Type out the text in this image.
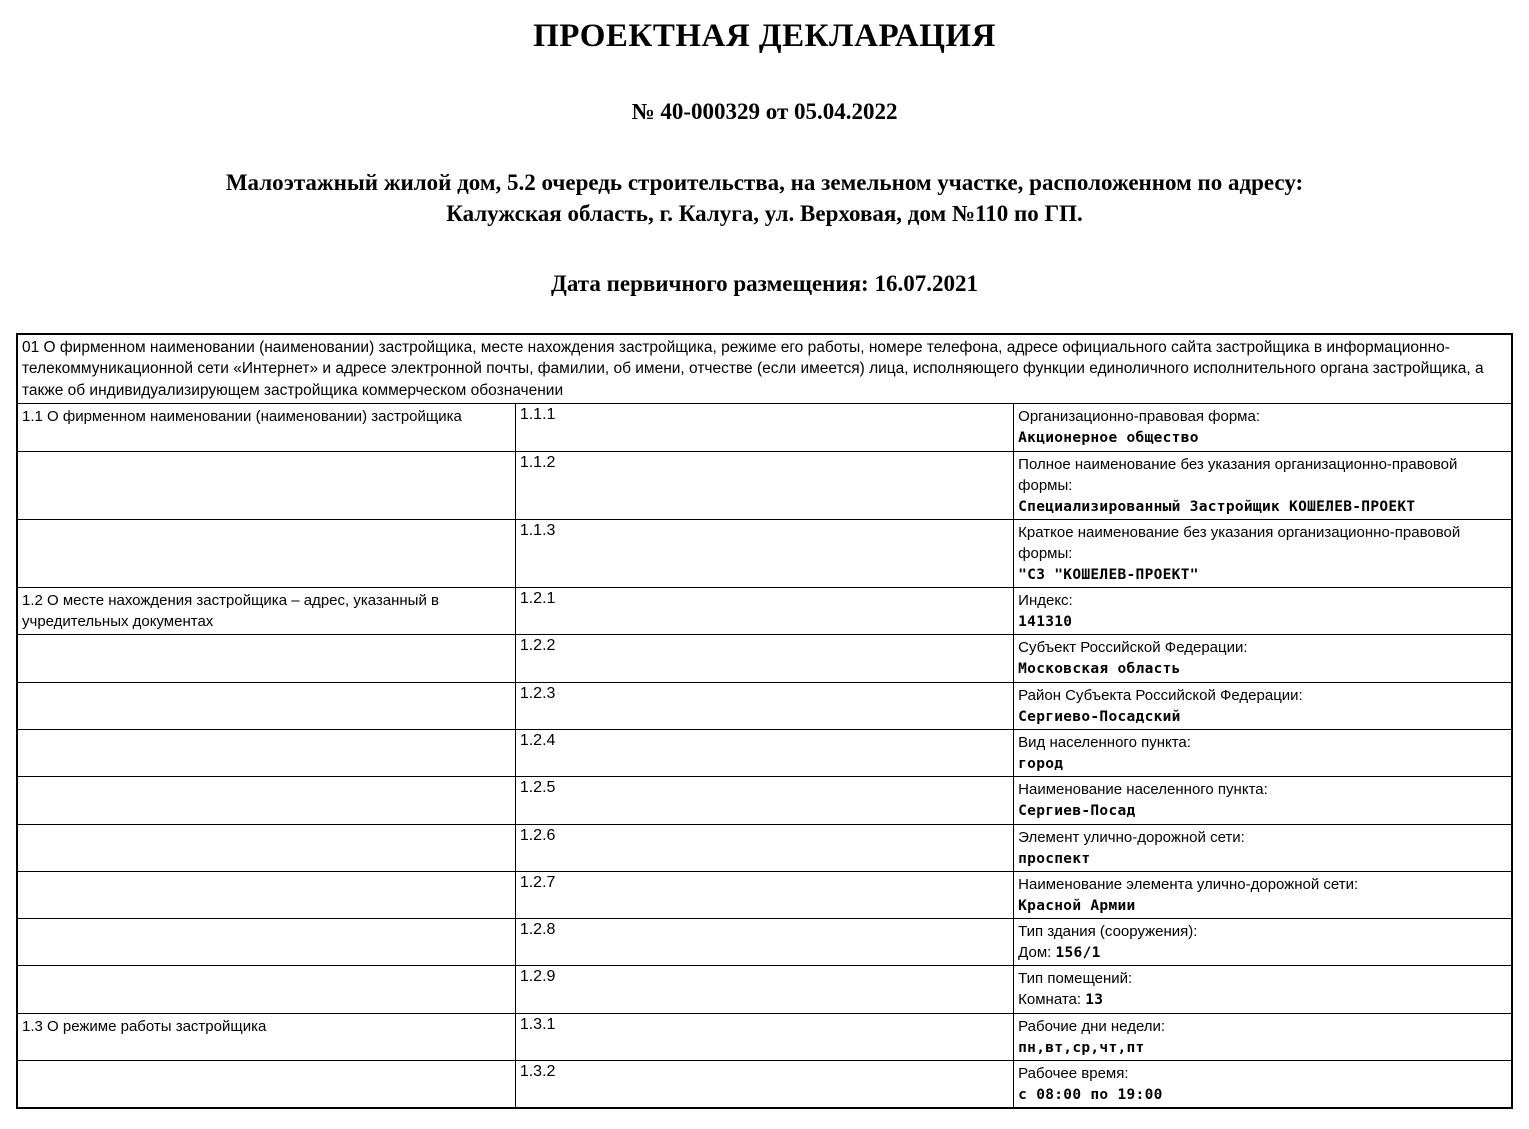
ПРОЕКТНАЯ ДЕКЛАРАЦИЯ

№ 40-000329 от 05.04.2022

Малоэтажный жилой дом, 5.2 очередь строительства, на земельном участке, расположенном по адресу:
Калужская область, г. Калуга, ул. Верховая, дом №110 по ГП.

Дата первичного размещения: 16.07.2021

01 О фирменном наименовании (наименовании) застройщика, месте нахождения застройщика, режиме его работы, номере телефона, адресе официального сайта застройщика в информационно-телекоммуникационной сети «Интернет» и адресе электронной почты, фамилии, об имени, отчестве (если имеется) лица, исполняющего функции единоличного исполнительного органа застройщика, а также об индивидуализирующем застройщика коммерческом обозначении		
1.1 О фирменном наименовании (наименовании) застройщика	1.1.1	Организационно-правовая форма:
Акционерное общество

	1.1.2	Полное наименование без указания организационно-правовой формы:
Специализированный Застройщик КОШЕЛЕВ-ПРОЕКТ

	1.1.3	Краткое наименование без указания организационно-правовой формы:
"СЗ "КОШЕЛЕВ-ПРОЕКТ"

1.2 О месте нахождения застройщика – адрес, указанный в учредительных документах	1.2.1	Индекс:
141310

	1.2.2	Субъект Российской Федерации:
Московская область

	1.2.3	Район Субъекта Российской Федерации:
Сергиево-Посадский

	1.2.4	Вид населенного пункта:
город

	1.2.5	Наименование населенного пункта:
Сергиев-Посад

	1.2.6	Элемент улично-дорожной сети:
проспект

	1.2.7	Наименование элемента улично-дорожной сети:
Красной Армии

	1.2.8	Тип здания (сооружения):
Дом: 156/1

	1.2.9	Тип помещений:
Комната: 13

1.3 О режиме работы застройщика	1.3.1	Рабочие дни недели:
пн,вт,ср,чт,пт

	1.3.2	Рабочее время:
с 08:00 по 19:00
